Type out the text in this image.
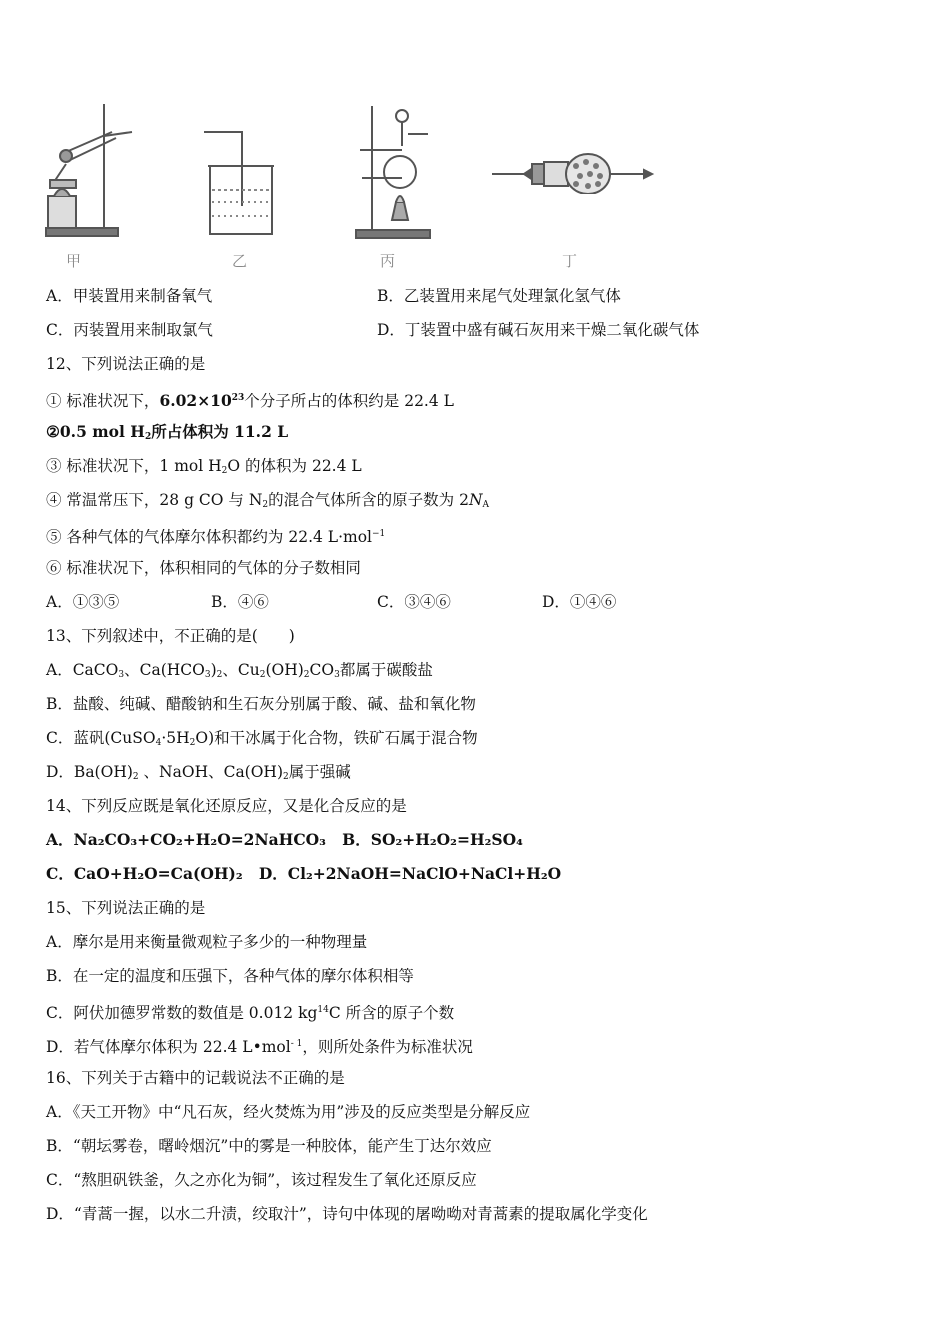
甲	乙	丙	丁
A．甲装置用来制备氧气	B．乙装置用来尾气处理氯化氢气体
C．丙装置用来制取氯气	D．丁装置中盛有碱石灰用来干燥二氧化碳气体
12、下列说法正确的是
① 标准状况下，$6.02\times 10^{23}$个分子所占的体积约是 22.4 L
②0.5 mol $H_2$所占体积为 11.2 L
③ 标准状况下，1 mol $H_2O$ 的体积为 22.4 L
④ 常温常压下，28 g CO 与 $N_2$的混合气体所含的原子数为 $2N_A$
⑤ 各种气体的气体摩尔体积都约为 22.4 L·mol$^{-1}$
⑥ 标准状况下，体积相同的气体的分子数相同
A．①③⑤	B．④⑥	C．③④⑥	D．①④⑥
13、下列叙述中，不正确的是(　　)
A．CaCO$_3$、$Ca(HCO_3)_2$、$Cu_2(OH)_2CO_3$都属于碳酸盐
B．盐酸、纯碱、醋酸钠和生石灰分别属于酸、碱、盐和氧化物
C．蓝矾$(CuSO_4\cdot 5H_2O)$和干冰属于化合物，铁矿石属于混合物
D．$Ba(OH)_2$ 、NaOH、$Ca(OH)_2$属于强碱
14、下列反应既是氧化还原反应，又是化合反应的是
A．Na₂CO₃+CO₂+H₂O=2NaHCO₃ B．SO₂+H₂O₂=H₂SO₄
C．CaO+H₂O=Ca(OH)₂ D．Cl₂+2NaOH=NaClO+NaCl+H₂O
15、下列说法正确的是
A．摩尔是用来衡量微观粒子多少的一种物理量
B．在一定的温度和压强下，各种气体的摩尔体积相等
C．阿伏加德罗常数的数值是 0.012 $kg^{14}C$ 所含的原子个数
D．若气体摩尔体积为 22.4 L•mol$^{- 1}$，则所处条件为标准状况
16、下列关于古籍中的记载说法不正确的是
A．《天工开物》中“凡石灰，经火焚炼为用”涉及的反应类型是分解反应
B．“朝坛雾卷，曙岭烟沉”中的雾是一种胶体，能产生丁达尔效应
C．“熬胆矾铁釜，久之亦化为铜”，该过程发生了氧化还原反应
D．“青蒿一握，以水二升渍，绞取汁”，诗句中体现的屠呦呦对青蒿素的提取属化学变化
